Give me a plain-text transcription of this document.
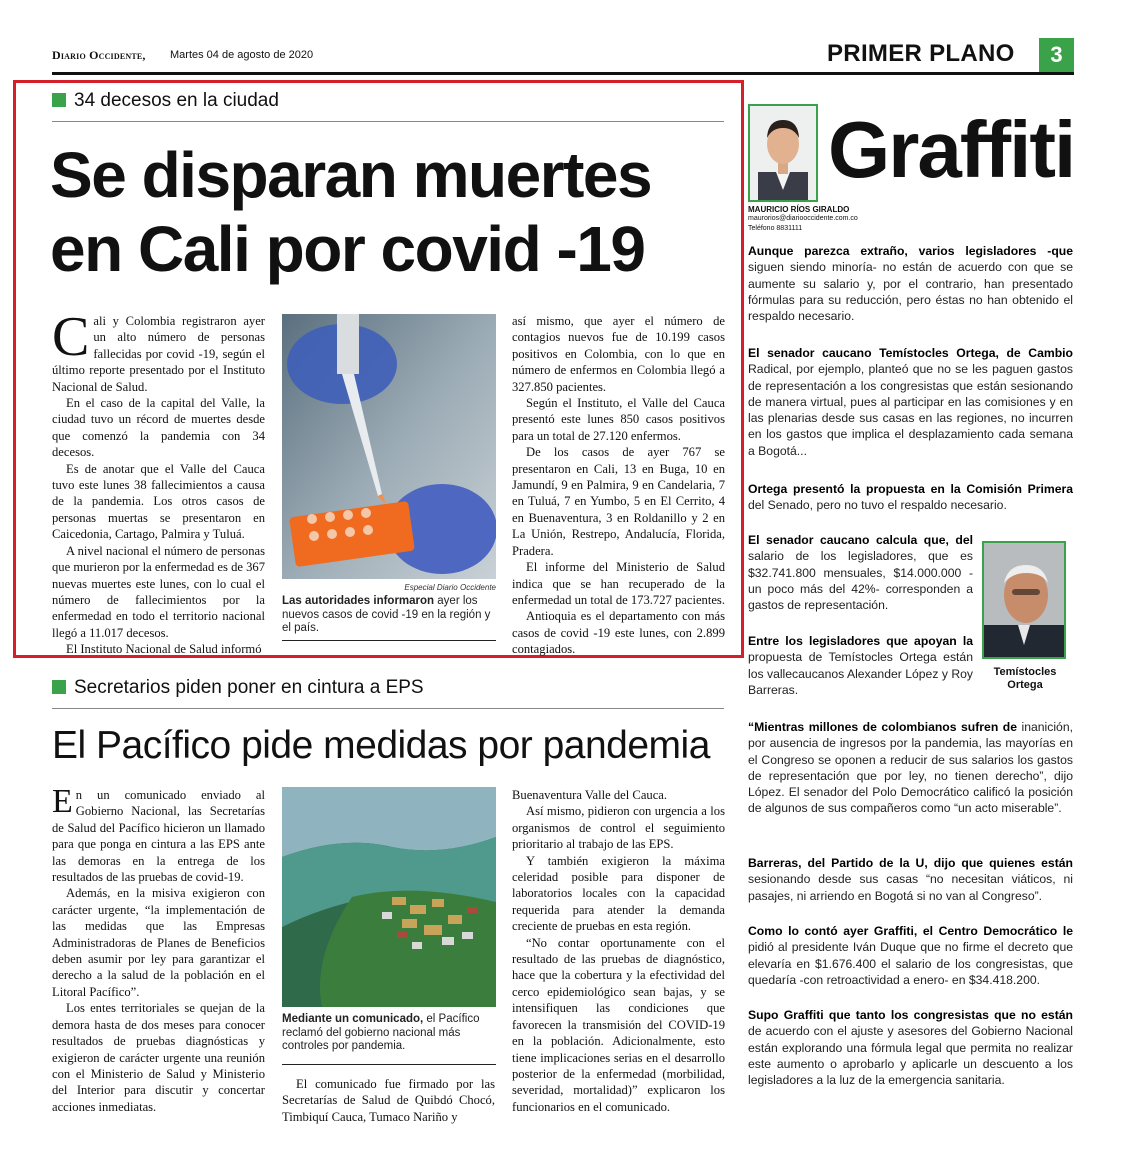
Diario Occidente, Martes 04 de agosto de 2020	PRIMER PLANO	3
34 decesos en la ciudad
Se disparan muertes
en Cali por covid -19

Cali y Colombia registraron ayer un alto número de personas fallecidas por covid -19, según el último reporte presentado por el Instituto Nacional de Salud.

En el caso de la capital del Valle, la ciudad tuvo un récord de muertes desde que comenzó la pandemia con 34 decesos.

Es de anotar que el Valle del Cauca tuvo este lunes 38 fallecimientos a causa de la pandemia. Los otros casos de personas muertas se presentaron en Caicedonia, Cartago, Palmira y Tuluá.

A nivel nacional el número de personas que murieron por la enfermedad es de 367 nuevas muertes este lunes, con lo cual el número de fallecimientos por la enfermedad en todo el territorio nacional llegó a 11.017 decesos.

El Instituto Nacional de Salud informó

Especial Diario Occidente
Las autoridades informaron ayer los nuevos casos de covid -19 en la región y el país.

así mismo, que ayer el número de contagios nuevos fue de 10.199 casos positivos en Colombia, con lo que en número de enfermos en Colombia llegó a 327.850 pacientes.

Según el Instituto, el Valle del Cauca presentó este lunes 850 casos positivos para un total de 27.120 enfermos.

De los casos de ayer 767 se presentaron en Cali, 13 en Buga, 10 en Jamundí, 9 en Palmira, 9 en Candelaria, 7 en Tuluá, 7 en Yumbo, 5 en El Cerrito, 4 en Buenaventura, 3 en Roldanillo y 2 en La Unión, Restrepo, Andalucía, Florida, Pradera.

El informe del Ministerio de Salud indica que se han recuperado de la enfermedad un total de 173.727 pacientes.

Antioquia es el departamento con más casos de covid -19 este lunes, con 2.899 contagiados.

Secretarios piden poner en cintura a EPS
El Pacífico pide medidas por pandemia

En un comunicado enviado al Gobierno Nacional, las Secretarías de Salud del Pacífico hicieron un llamado para que ponga en cintura a las EPS ante las demoras en la entrega de los resultados de las pruebas de covid-19.

Además, en la misiva exigieron con carácter urgente, “la implementación de las medidas que las Empresas Administradoras de Planes de Beneficios deben asumir por ley para garantizar el derecho a la salud de la población en el Litoral Pacífico”.

Los entes territoriales se quejan de la demora hasta de dos meses para conocer resultados de pruebas diagnósticas y exigieron de carácter urgente una reunión con el Ministerio de Salud y Ministerio del Interior para discutir y concertar acciones inmediatas.

Mediante un comunicado, el Pacífico reclamó del gobierno nacional más controles por pandemia.

El comunicado fue firmado por las Secretarías de Salud de Quibdó Chocó, Timbiquí Cauca, Tumaco Nariño y

Buenaventura Valle del Cauca.

Así mismo, pidieron con urgencia a los organismos de control el seguimiento prioritario al trabajo de las EPS.

Y también exigieron la máxima celeridad posible para disponer de laboratorios locales con la capacidad requerida para atender la demanda creciente de pruebas en esta región.

“No contar oportunamente con el resultado de las pruebas de diagnóstico, hace que la cobertura y la efectividad del cerco epidemiológico sean bajas, y se intensifiquen las condiciones que favorecen la transmisión del COVID-19 en la población. Adicionalmente, esto tiene implicaciones serias en el desarrollo posterior de la enfermedad (morbilidad, severidad, mortalidad)” explicaron los funcionarios en el comunicado.

Graffiti
MAURICIO RÍOS GIRALDO
maurorios@diariooccidente.com.co
Teléfono 8831111

Aunque parezca extraño, varios legisladores -que siguen siendo minoría- no están de acuerdo con que se aumente su salario y, por el contrario, han presentado fórmulas para su reducción, pero éstas no han obtenido el respaldo necesario.

El senador caucano Temístocles Ortega, de Cambio Radical, por ejemplo, planteó que no se les paguen gastos de representación a los congresistas que están sesionando de manera virtual, pues al participar en las comisiones y en las plenarias desde sus casas en las regiones, no incurren en los gastos que implica el desplazamiento cada semana a Bogotá...

Ortega presentó la propuesta en la Comisión Primera del Senado, pero no tuvo el respaldo necesario.

El senador caucano calcula que, del salario de los legisladores, que es $32.741.800 mensuales, $14.000.000 -un poco más del 42%- corresponden a gastos de representación.

Entre los legisladores que apoyan la propuesta de Temístocles Ortega están los vallecaucanos Alexander López y Roy Barreras.

“Mientras millones de colombianos sufren de inanición, por ausencia de ingresos por la pandemia, las mayorías en el Congreso se oponen a reducir de sus salarios los gastos de representación que por ley, no tienen derecho”, dijo López. El senador del Polo Democrático calificó la posición de algunos de sus compañeros como “un acto miserable”.

Barreras, del Partido de la U, dijo que quienes están sesionando desde sus casas “no necesitan viáticos, ni pasajes, ni arriendo en Bogotá si no van al Congreso”.

Como lo contó ayer Graffiti, el Centro Democrático le pidió al presidente Iván Duque que no firme el decreto que elevaría en $1.676.400 el salario de los congresistas, que quedaría -con retroactividad a enero- en $34.418.200.

Supo Graffiti que tanto los congresistas que no están de acuerdo con el ajuste y asesores del Gobierno Nacional están explorando una fórmula legal que permita no realizar este aumento o aprobarlo y aplicarle un descuento a los legisladores a la luz de la emergencia sanitaria.

Temístocles Ortega
